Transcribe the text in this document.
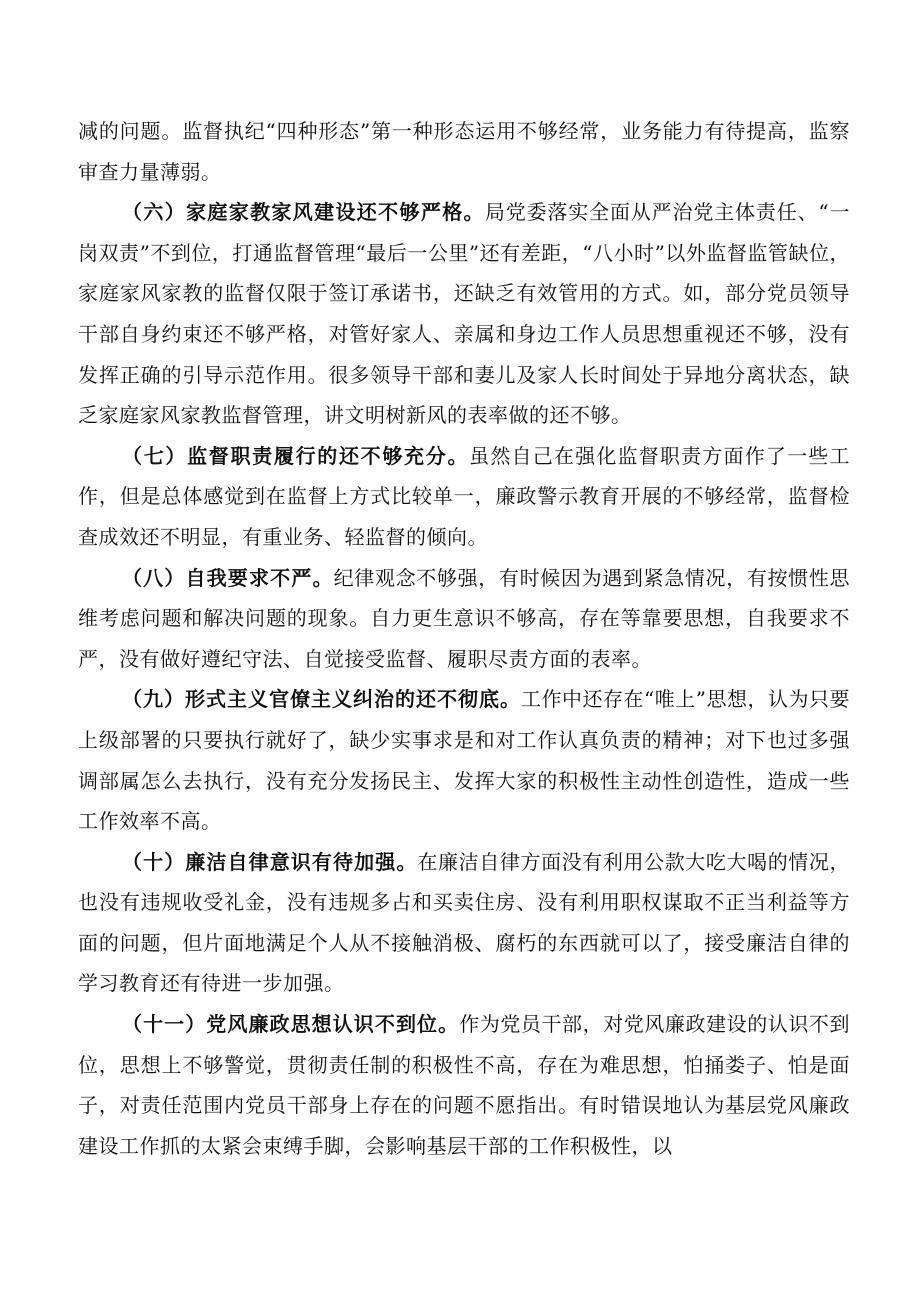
减的问题。监督执纪“四种形态”第一种形态运用不够经常，业务能力有待提高，监察审查力量薄弱。

（六）家庭家教家风建设还不够严格。局党委落实全面从严治党主体责任、“一岗双责”不到位，打通监督管理“最后一公里”还有差距，“八小时”以外监督监管缺位，家庭家风家教的监督仅限于签订承诺书，还缺乏有效管用的方式。如，部分党员领导干部自身约束还不够严格，对管好家人、亲属和身边工作人员思想重视还不够，没有发挥正确的引导示范作用。很多领导干部和妻儿及家人长时间处于异地分离状态，缺乏家庭家风家教监督管理，讲文明树新风的表率做的还不够。

（七）监督职责履行的还不够充分。虽然自己在强化监督职责方面作了一些工作，但是总体感觉到在监督上方式比较单一，廉政警示教育开展的不够经常，监督检查成效还不明显，有重业务、轻监督的倾向。

（八）自我要求不严。纪律观念不够强，有时候因为遇到紧急情况，有按惯性思维考虑问题和解决问题的现象。自力更生意识不够高，存在等靠要思想，自我要求不严，没有做好遵纪守法、自觉接受监督、履职尽责方面的表率。

（九）形式主义官僚主义纠治的还不彻底。工作中还存在“唯上”思想，认为只要上级部署的只要执行就好了，缺少实事求是和对工作认真负责的精神；对下也过多强调部属怎么去执行，没有充分发扬民主、发挥大家的积极性主动性创造性，造成一些工作效率不高。

（十）廉洁自律意识有待加强。在廉洁自律方面没有利用公款大吃大喝的情况，也没有违规收受礼金，没有违规多占和买卖住房、没有利用职权谋取不正当利益等方面的问题，但片面地满足个人从不接触消极、腐朽的东西就可以了，接受廉洁自律的学习教育还有待进一步加强。

（十一）党风廉政思想认识不到位。作为党员干部，对党风廉政建设的认识不到位，思想上不够警觉，贯彻责任制的积极性不高，存在为难思想，怕捅娄子、怕是面子，对责任范围内党员干部身上存在的问题不愿指出。有时错误地认为基层党风廉政建设工作抓的太紧会束缚手脚，会影响基层干部的工作积极性，以
